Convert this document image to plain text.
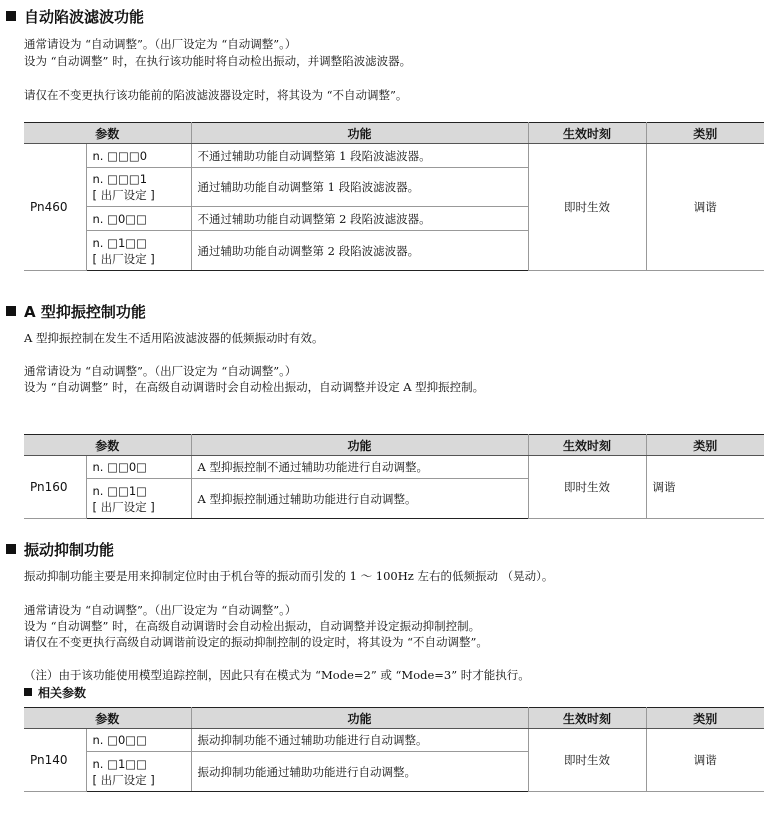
自动陷波滤波功能
通常请设为 “自动调整”。（出厂设定为 “自动调整”。）
设为 “自动调整” 时，在执行该功能时将自动检出振动，并调整陷波滤波器。
请仅在不变更执行该功能前的陷波滤波器设定时，将其设为 “不自动调整”。
参数		功能	生效时刻	类别
Pn460	n. □□□0	不通过辅助功能自动调整第 1 段陷波滤波器。	即时生效	调谐

	n. □□□1
[ 出厂设定 ]	通过辅助功能自动调整第 1 段陷波滤波器。		
	n. □0□□	不通过辅助功能自动调整第 2 段陷波滤波器。		

	n. □1□□
[ 出厂设定 ]	通过辅助功能自动调整第 2 段陷波滤波器。		
A 型抑振控制功能
A 型抑振控制在发生不适用陷波滤波器的低频振动时有效。
通常请设为 “自动调整”。（出厂设定为 “自动调整”。）
设为 “自动调整” 时，在高级自动调谐时会自动检出振动，自动调整并设定 A 型抑振控制。
参数		功能	生效时刻	类别
Pn160	n. □□0□	A 型抑振控制不通过辅助功能进行自动调整。	即时生效	调谐

	n. □□1□
[ 出厂设定 ]	A 型抑振控制通过辅助功能进行自动调整。		
振动抑制功能
振动抑制功能主要是用来抑制定位时由于机台等的振动而引发的 1 ～ 100Hz 左右的低频振动 （晃动）。
通常请设为 “自动调整”。（出厂设定为 “自动调整”。）
设为 “自动调整” 时，在高级自动调谐时会自动检出振动，自动调整并设定振动抑制控制。
请仅在不变更执行高级自动调谐前设定的振动抑制控制的设定时，将其设为 “不自动调整”。
（注）由于该功能使用模型追踪控制，因此只有在模式为 “Mode=2” 或 “Mode=3” 时才能执行。
相关参数
参数		功能	生效时刻	类别
Pn140	n. □0□□	振动抑制功能不通过辅助功能进行自动调整。	即时生效	调谐

	n. □1□□
[ 出厂设定 ]	振动抑制功能通过辅助功能进行自动调整。		
